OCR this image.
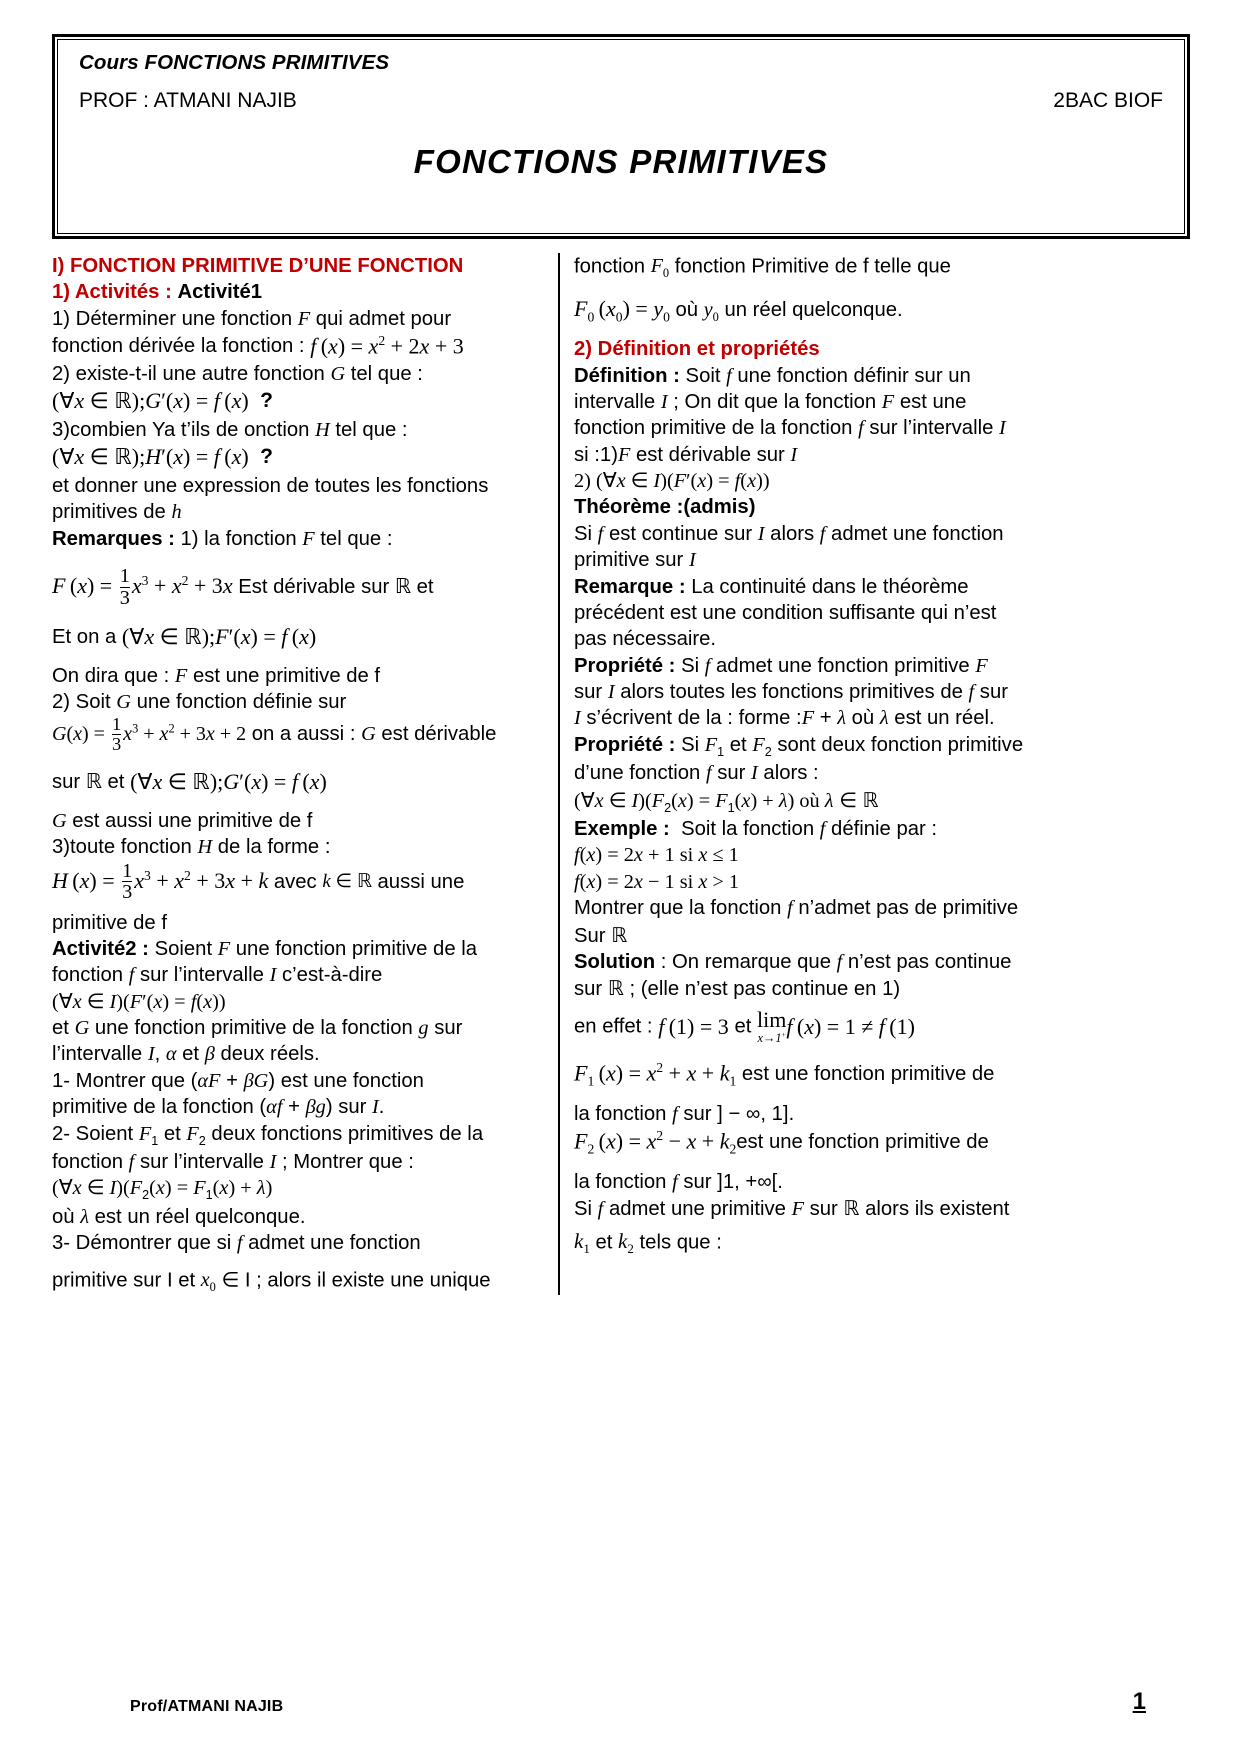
Cours FONCTIONS PRIMITIVES
PROF : ATMANI NAJIB	2BAC BIOF
FONCTIONS PRIMITIVES

I) FONCTION PRIMITIVE D’UNE FONCTION

1) Activités : Activité1

1) Déterminer une fonction F qui admet pour

fonction dérivée la fonction : f $(x) = x^2 + 2x + 3$

2) existe-t-il une autre fonction G tel que :

(∀x ∈ ℝ);G′(x) = f (x)  ?

3)combien Ya t’ils de onction H tel que :

(∀x ∈ ℝ);H′(x) = f (x)  ?

et donner une expression de toutes les fonctions

primitives de h

Remarques : 1) la fonction F tel que :

F $(x) = \frac{1}{3} x^3 + x^2 + 3x$ Est dérivable sur ℝ et

Et on a (∀x ∈ ℝ);F′(x) = f (x)

On dira que : F est une primitive de f

2) Soit G une fonction définie sur

$G(x) = \frac{1}{3} x^3 + x^2 + 3x + 2$ on a aussi : G est dérivable

sur ℝ et (∀x ∈ ℝ);G′(x) = f (x)

G est aussi une primitive de f

3)toute fonction H de la forme :

H $(x) = \frac{1}{3} x^3 + x^2 + 3x + k$ avec k ∈ ℝ aussi une

primitive de f

Activité2 : Soient F une fonction primitive de la

fonction f sur l’intervalle I c’est-à-dire

(∀x ∈ I)(F′(x) = f(x))

et G une fonction primitive de la fonction g sur

l’intervalle I, α et β deux réels.

1- Montrer que (αF + βG) est une fonction

primitive de la fonction (αf + βg) sur I.

2- Soient $F_1$ et $F_2$ deux fonctions primitives de la

fonction f sur l’intervalle I ; Montrer que :

(∀x ∈ $I)(F_2(x) = F_1(x) + \lambda)$

où λ est un réel quelconque.

3- Démontrer que si f admet une fonction

primitive sur I et $x_0$ ∈ I ; alors il existe une unique

fonction $F_0$ fonction Primitive de f telle que

$F_0$ $(x_0) = y_0$ où $y_0$ un réel quelconque.

2) Définition et propriétés

Définition : Soit f une fonction définir sur un

intervalle I ; On dit que la fonction F est une

fonction primitive de la fonction f sur l’intervalle I

si :1)F est dérivable sur I

2) (∀x ∈ I)(F′(x) = f(x))

Théorème :(admis)

Si f est continue sur I alors f admet une fonction

primitive sur I

Remarque : La continuité dans le théorème

précédent est une condition suffisante qui n’est

pas nécessaire.

Propriété : Si f admet une fonction primitive F

sur I alors toutes les fonctions primitives de f sur

I s’écrivent de la : forme :F + λ où λ est un réel.

Propriété : Si $F_1$ et $F_2$ sont deux fonction primitive

d’une fonction f sur I alors :

(∀x ∈ $I)(F_2(x) = F_1(x) + \lambda)$ où λ ∈ ℝ

Exemple :  Soit la fonction f définie par :

f(x) = 2x + 1 si x ≤ 1

f(x) = 2x − 1 si x > 1

Montrer que la fonction f n’admet pas de primitive

Sur ℝ

Solution : On remarque que f n’est pas continue

sur ℝ ; (elle n’est pas continue en 1)

en effet : f (1) = 3 et lim
x→1+ f (x) = 1 ≠ f (1)

$F_1$ $(x) = x^2 + x + k_1$ est une fonction primitive de

la fonction f sur ] − ∞, 1].

$F_2$ $(x) = x^2 - x + k_2est$ une fonction primitive de

la fonction f sur ]1, +∞[.

Si f admet une primitive F sur ℝ alors ils existent

$k_1$ et $k_2$ tels que :

Prof/ATMANI NAJIB	1
